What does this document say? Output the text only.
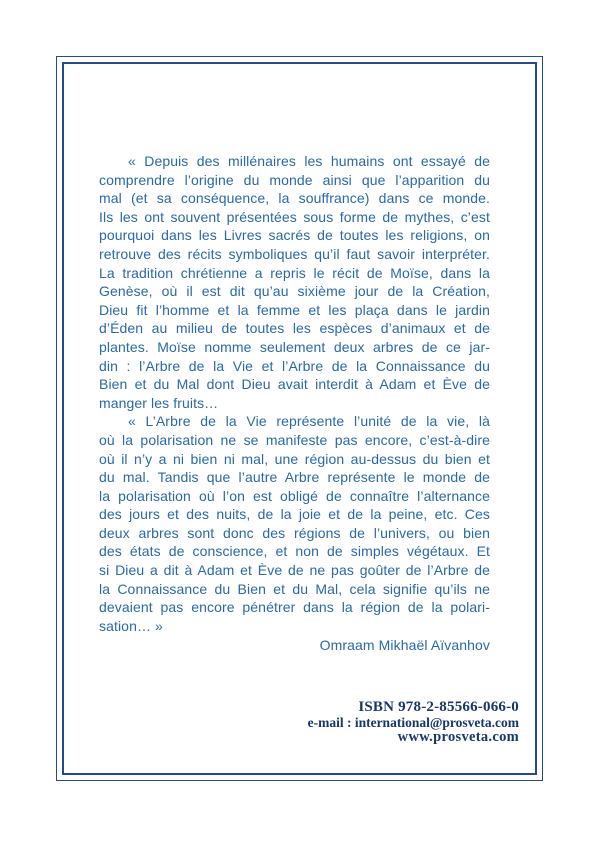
« Depuis des millénaires les humains ont essayé de
comprendre l’origine du monde ainsi que l’apparition du
mal (et sa conséquence, la souffrance) dans ce monde.
Ils les ont souvent présentées sous forme de mythes, c’est
pourquoi dans les Livres sacrés de toutes les religions, on
retrouve des récits symboliques qu’il faut savoir interpréter.
La tradition chrétienne a repris le récit de Moïse, dans la
Genèse, où il est dit qu’au sixième jour de la Création,
Dieu fit l’homme et la femme et les plaça dans le jardin
d’Éden au milieu de toutes les espèces d’animaux et de
plantes. Moïse nomme seulement deux arbres de ce jar-
din : l’Arbre de la Vie et l’Arbre de la Connaissance du
Bien et du Mal dont Dieu avait interdit à Adam et Ève de
manger les fruits…
« L’Arbre de la Vie représente l’unité de la vie, là
où la polarisation ne se manifeste pas encore, c’est-à-dire
où il n’y a ni bien ni mal, une région au-dessus du bien et
du mal. Tandis que l’autre Arbre représente le monde de
la polarisation où l’on est obligé de connaître l’alternance
des jours et des nuits, de la joie et de la peine, etc. Ces
deux arbres sont donc des régions de l’univers, ou bien
des états de conscience, et non de simples végétaux. Et
si Dieu a dit à Adam et Ève de ne pas goûter de l’Arbre de
la Connaissance du Bien et du Mal, cela signifie qu’ils ne
devaient pas encore pénétrer dans la région de la polari-
sation… »
Omraam Mikhaël Aïvanhov
ISBN 978-2-85566-066-0
e-mail : international@prosveta.com
www.prosveta.com
